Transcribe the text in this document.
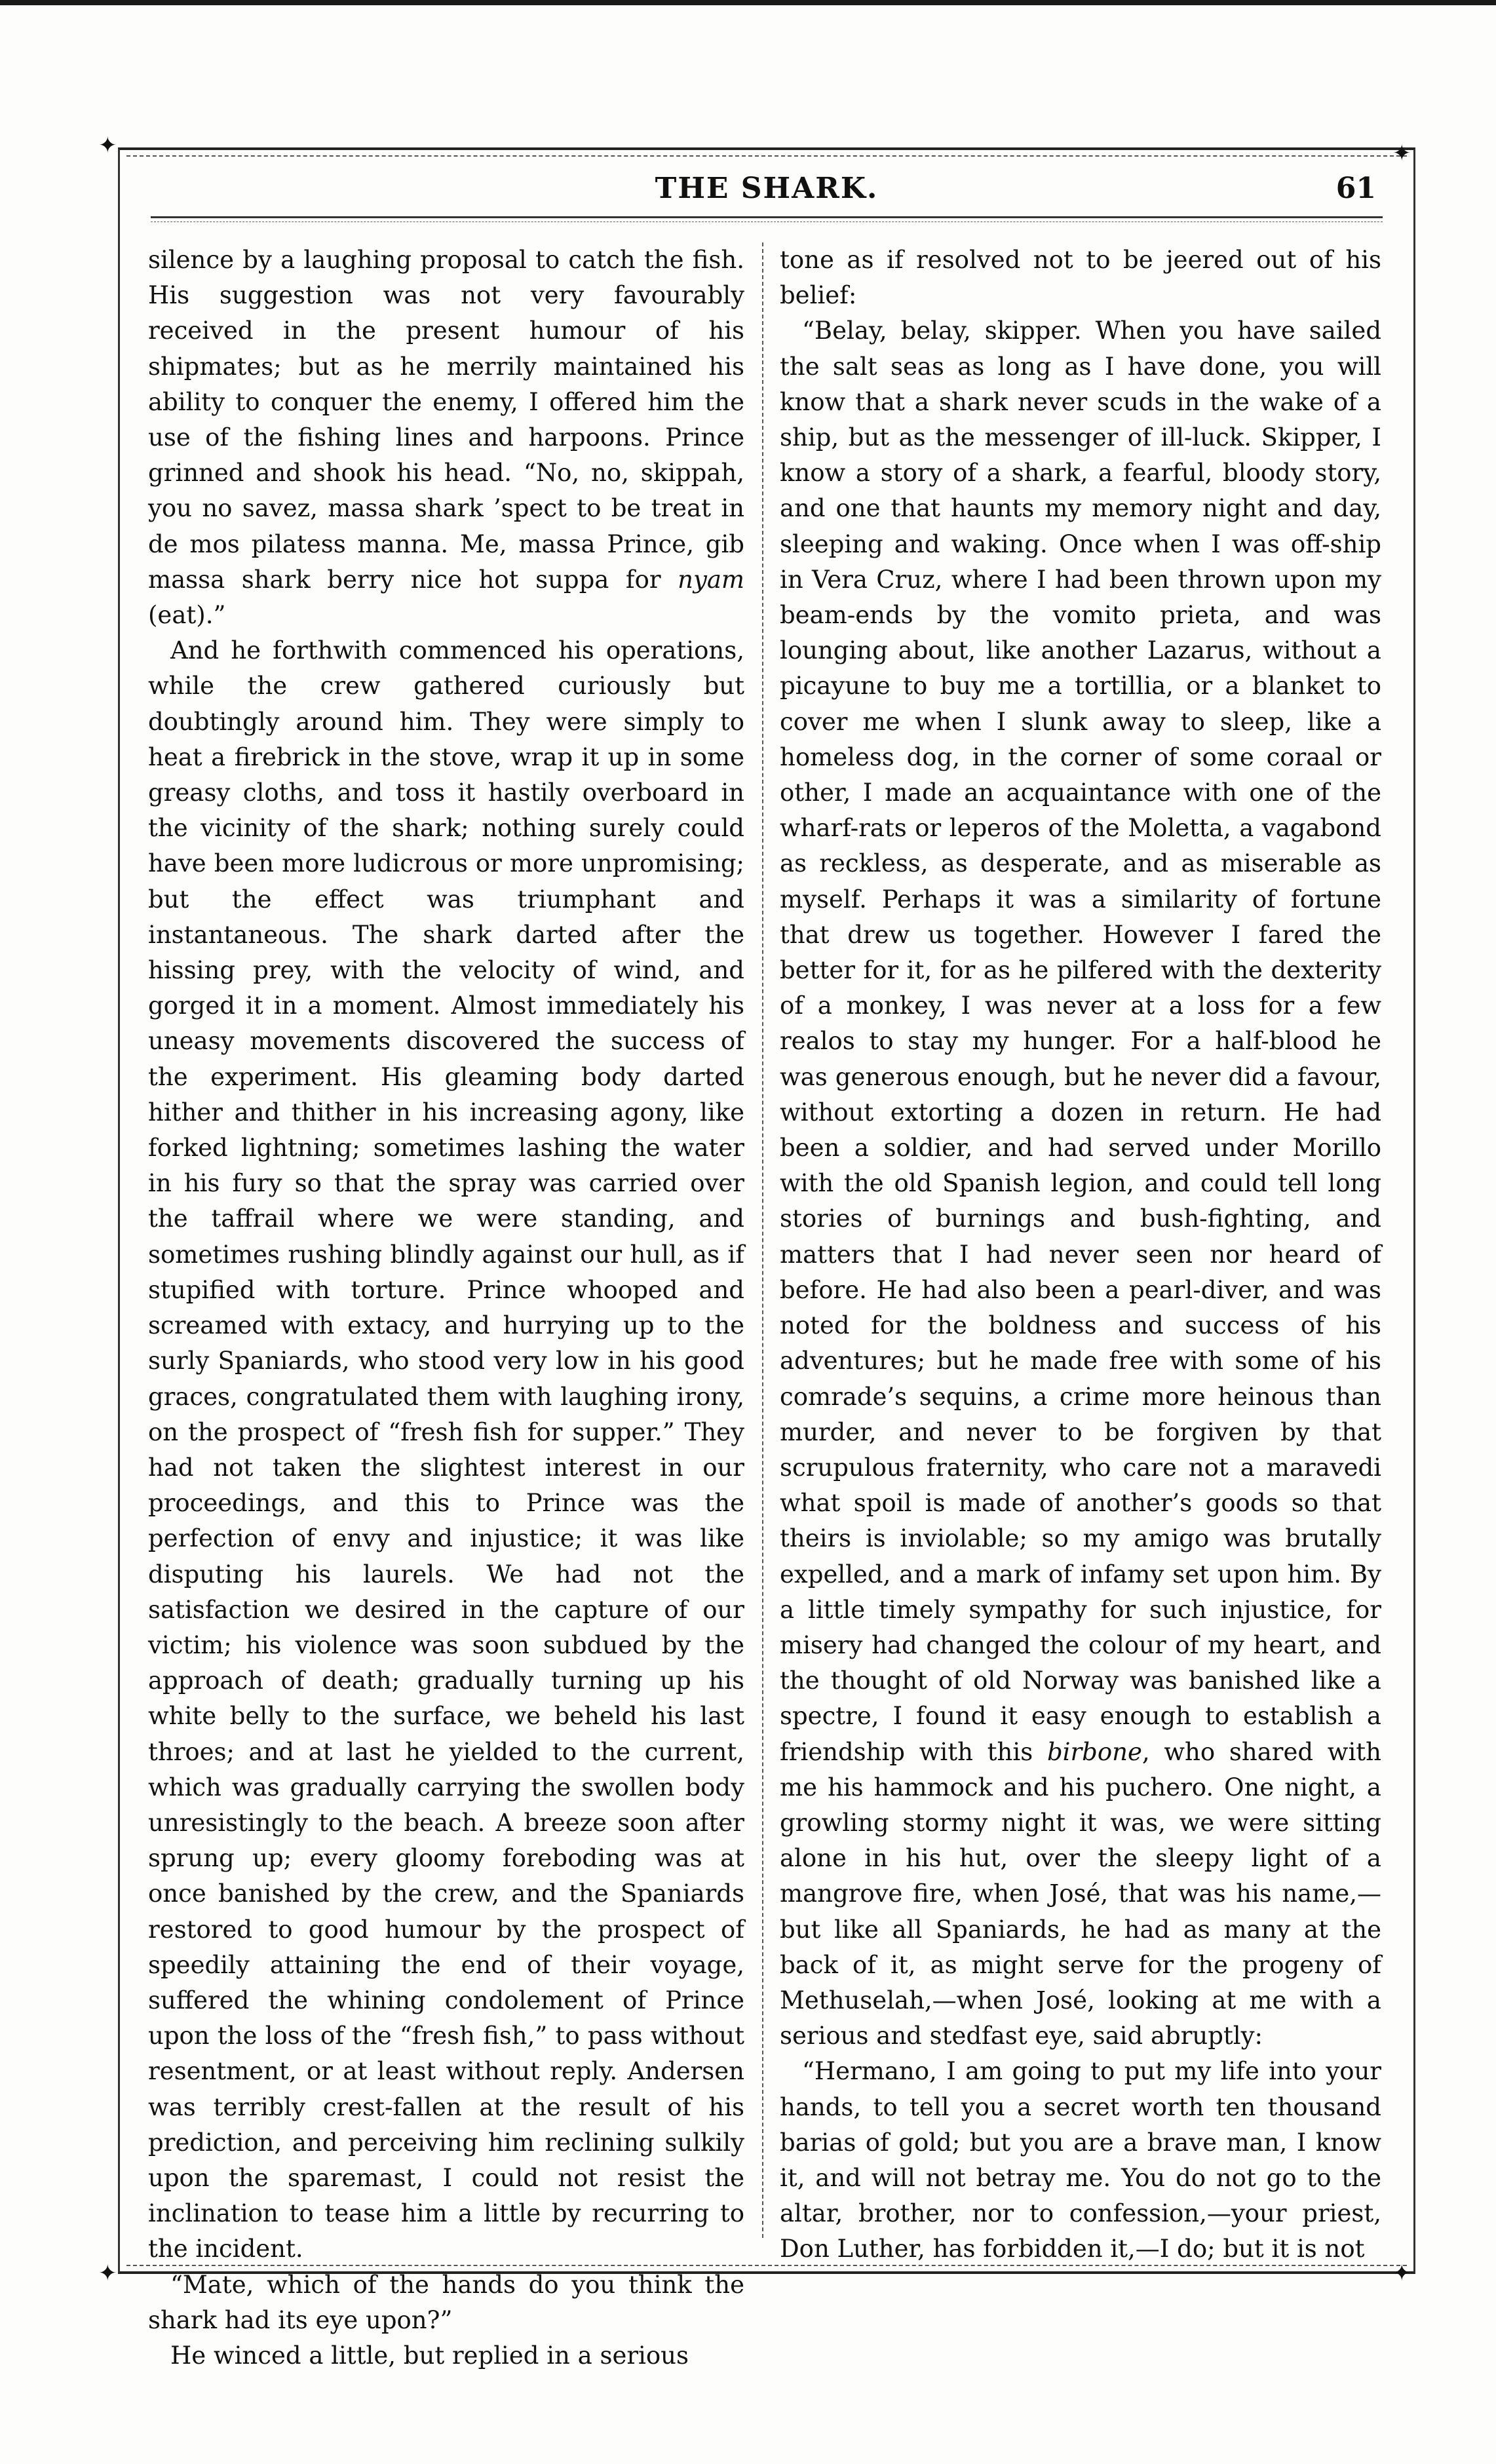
✦	✦
✦	✦
THE SHARK.	61

silence by a laughing proposal to catch the fish. His suggestion was not very favourably received in the present humour of his shipmates; but as he merrily maintained his ability to conquer the enemy, I offered him the use of the fishing lines and harpoons. Prince grinned and shook his head. “No, no, skippah, you no savez, massa shark ’spect to be treat in de mos pilatess manna. Me, massa Prince, gib massa shark berry nice hot suppa for nyam (eat).”

And he forthwith commenced his operations, while the crew gathered curiously but doubtingly around him. They were simply to heat a firebrick in the stove, wrap it up in some greasy cloths, and toss it hastily overboard in the vicinity of the shark; nothing surely could have been more ludicrous or more unpromising; but the effect was triumphant and instantaneous. The shark darted after the hissing prey, with the velocity of wind, and gorged it in a moment. Almost immediately his uneasy movements discovered the success of the experiment. His gleaming body darted hither and thither in his increasing agony, like forked lightning; sometimes lashing the water in his fury so that the spray was carried over the taffrail where we were standing, and sometimes rushing blindly against our hull, as if stupified with torture. Prince whooped and screamed with extacy, and hurrying up to the surly Spaniards, who stood very low in his good graces, congratulated them with laughing irony, on the prospect of “fresh fish for supper.” They had not taken the slightest interest in our proceedings, and this to Prince was the perfection of envy and injustice; it was like disputing his laurels. We had not the satisfaction we desired in the capture of our victim; his violence was soon subdued by the approach of death; gradually turning up his white belly to the surface, we beheld his last throes; and at last he yielded to the current, which was gradually carrying the swollen body unresistingly to the beach. A breeze soon after sprung up; every gloomy foreboding was at once banished by the crew, and the Spaniards restored to good humour by the prospect of speedily attaining the end of their voyage, suffered the whining condolement of Prince upon the loss of the “fresh fish,” to pass without resentment, or at least without reply. Andersen was terribly crest-fallen at the result of his prediction, and perceiving him reclining sulkily upon the sparemast, I could not resist the inclination to tease him a little by recurring to the incident.

“Mate, which of the hands do you think the shark had its eye upon?”

He winced a little, but replied in a serious

tone as if resolved not to be jeered out of his belief:

“Belay, belay, skipper. When you have sailed the salt seas as long as I have done, you will know that a shark never scuds in the wake of a ship, but as the messenger of ill-luck. Skipper, I know a story of a shark, a fearful, bloody story, and one that haunts my memory night and day, sleeping and waking. Once when I was off-ship in Vera Cruz, where I had been thrown upon my beam-ends by the vomito prieta, and was lounging about, like another Lazarus, without a picayune to buy me a tortillia, or a blanket to cover me when I slunk away to sleep, like a homeless dog, in the corner of some coraal or other, I made an acquaintance with one of the wharf-rats or leperos of the Moletta, a vagabond as reckless, as desperate, and as miserable as myself. Perhaps it was a similarity of fortune that drew us together. However I fared the better for it, for as he pilfered with the dexterity of a monkey, I was never at a loss for a few realos to stay my hunger. For a half-blood he was generous enough, but he never did a favour, without extorting a dozen in return. He had been a soldier, and had served under Morillo with the old Spanish legion, and could tell long stories of burnings and bush-fighting, and matters that I had never seen nor heard of before. He had also been a pearl-diver, and was noted for the boldness and success of his adventures; but he made free with some of his comrade’s sequins, a crime more heinous than murder, and never to be forgiven by that scrupulous fraternity, who care not a maravedi what spoil is made of another’s goods so that theirs is inviolable; so my amigo was brutally expelled, and a mark of infamy set upon him. By a little timely sympathy for such injustice, for misery had changed the colour of my heart, and the thought of old Norway was banished like a spectre, I found it easy enough to establish a friendship with this birbone, who shared with me his hammock and his puchero. One night, a growling stormy night it was, we were sitting alone in his hut, over the sleepy light of a mangrove fire, when José, that was his name,—but like all Spaniards, he had as many at the back of it, as might serve for the progeny of Methuselah,—when José, looking at me with a serious and stedfast eye, said abruptly:

“Hermano, I am going to put my life into your hands, to tell you a secret worth ten thousand barias of gold; but you are a brave man, I know it, and will not betray me. You do not go to the altar, brother, nor to confession,—your priest, Don Luther, has forbidden it,—I do; but it is not
